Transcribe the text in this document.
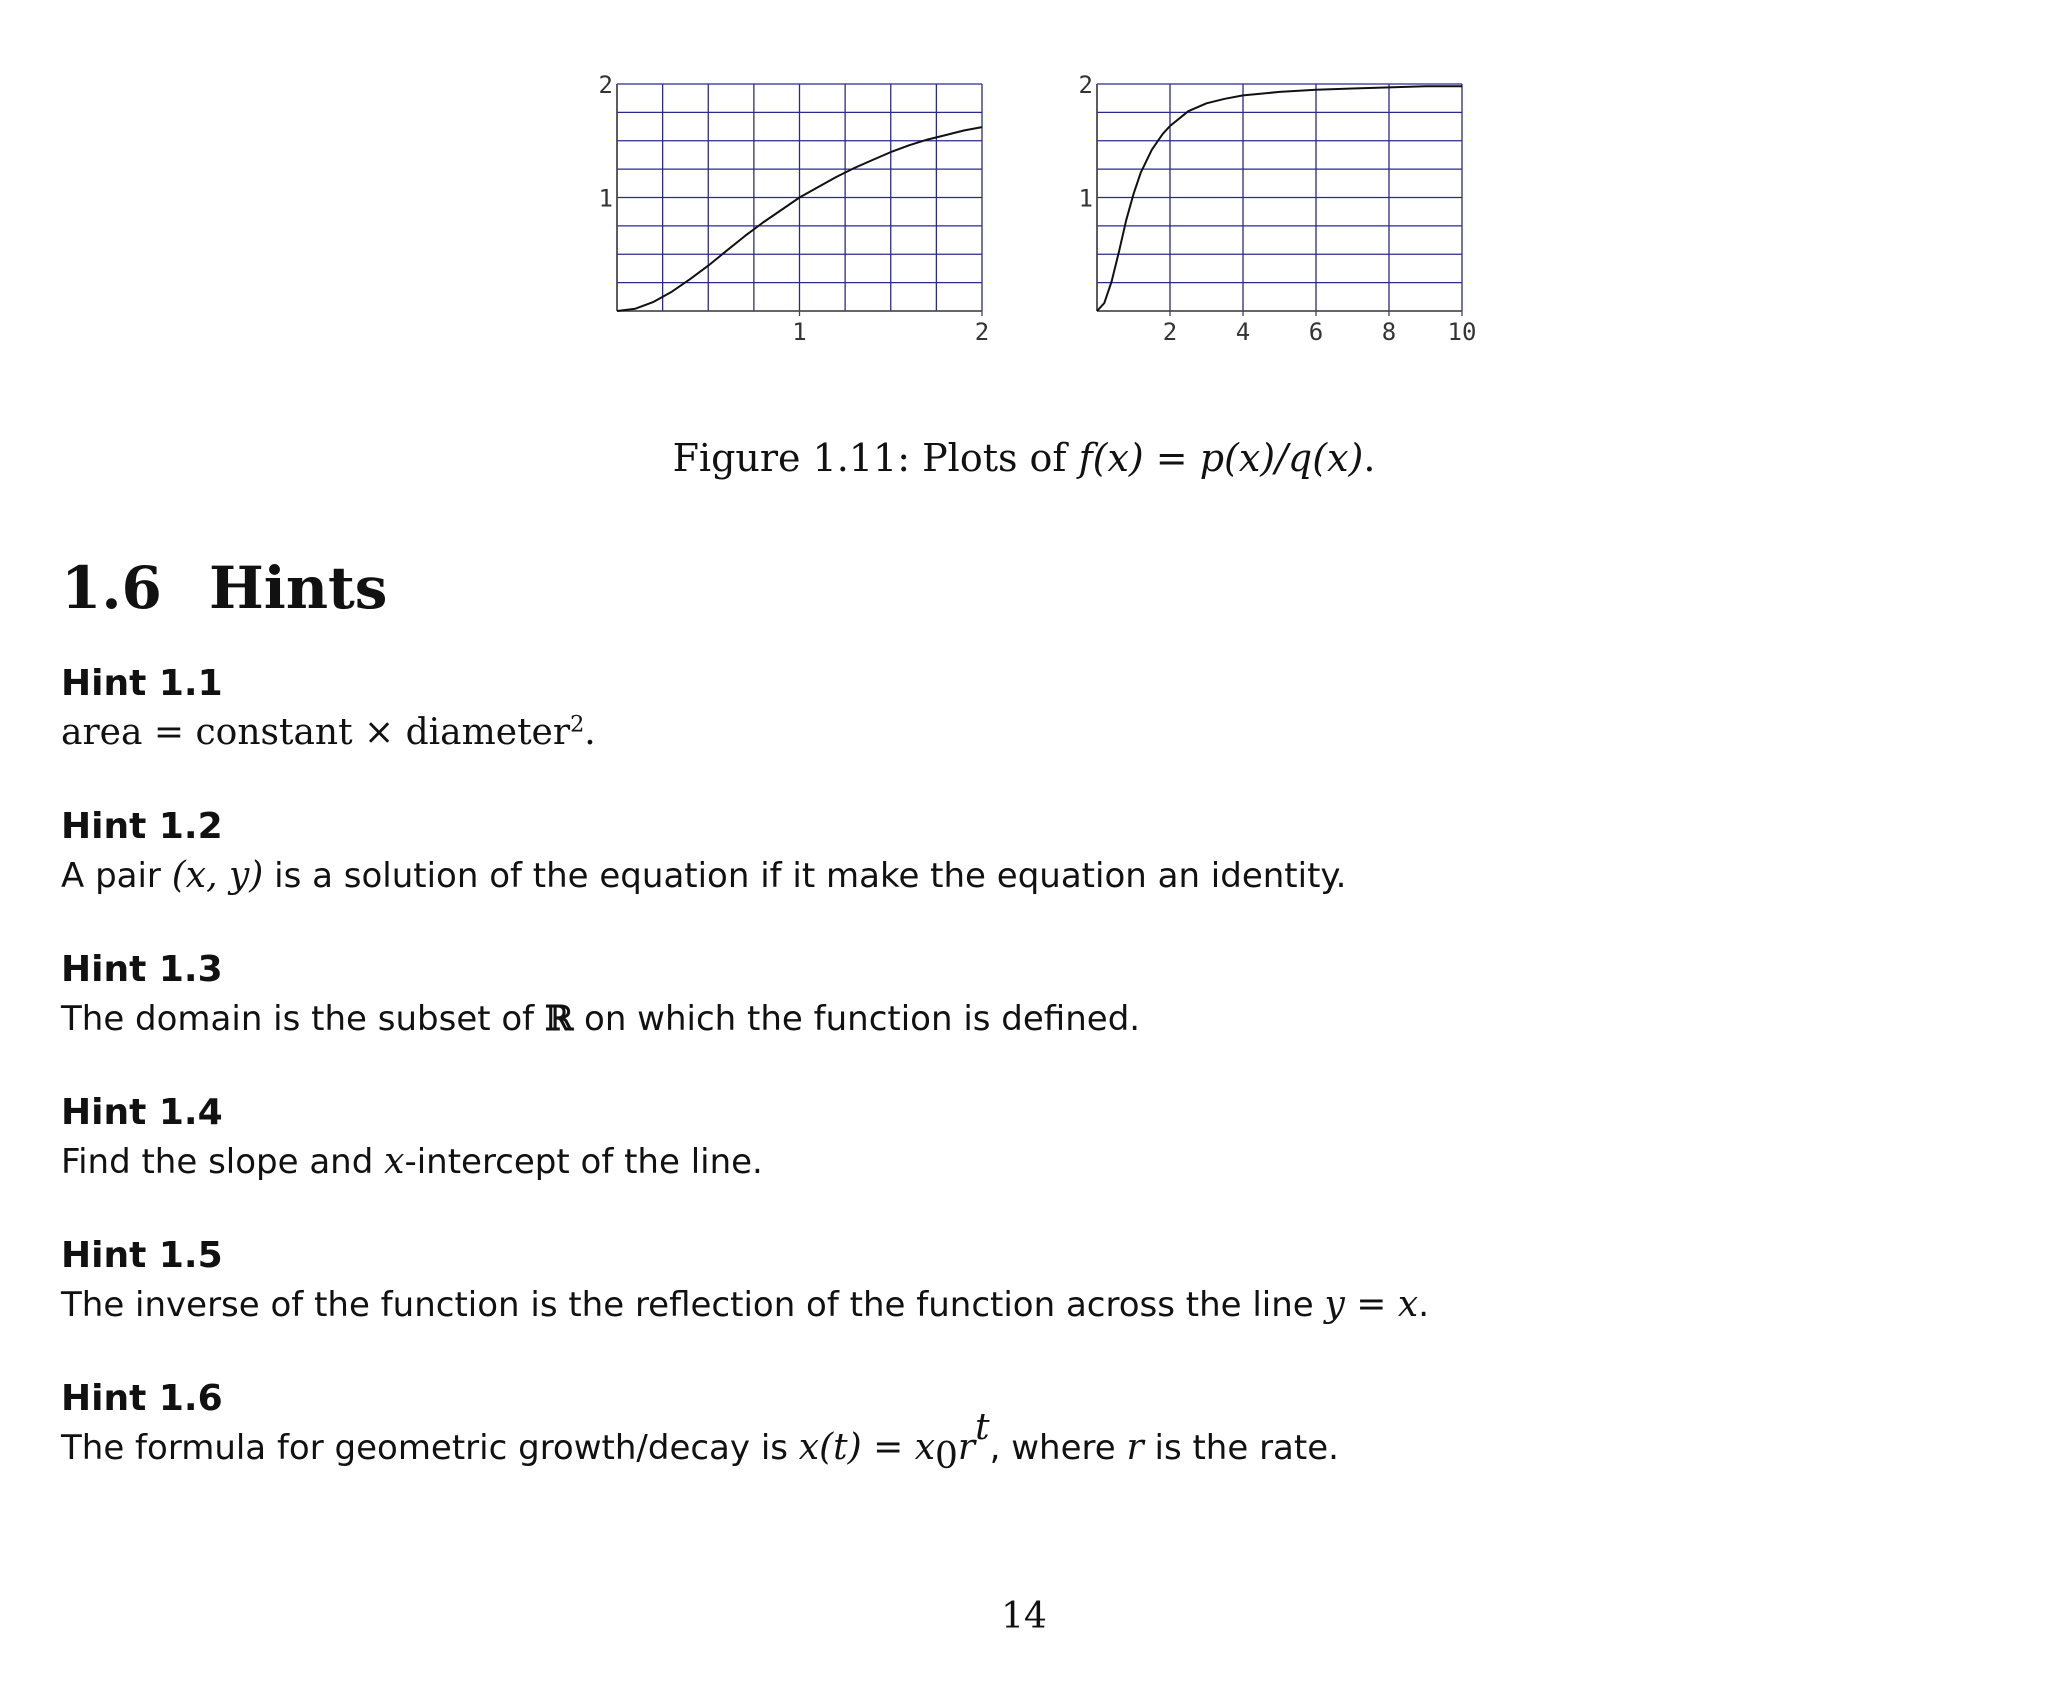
1	2
1
2
2 4 6 8 10
1
2
Figure 1.11: Plots of f(x) = p(x)/q(x).
1.6 Hints

Hint 1.1

area = constant × diameter$^2$.

Hint 1.2

A pair (x, y) is a solution of the equation if it make the equation an identity.

Hint 1.3

The domain is the subset of ℝ on which the function is defined.

Hint 1.4

Find the slope and x-intercept of the line.

Hint 1.5

The inverse of the function is the reflection of the function across the line y = x.

Hint 1.6

The formula for geometric growth/decay is $x(t) = x_0r^t$, where r is the rate.

14
